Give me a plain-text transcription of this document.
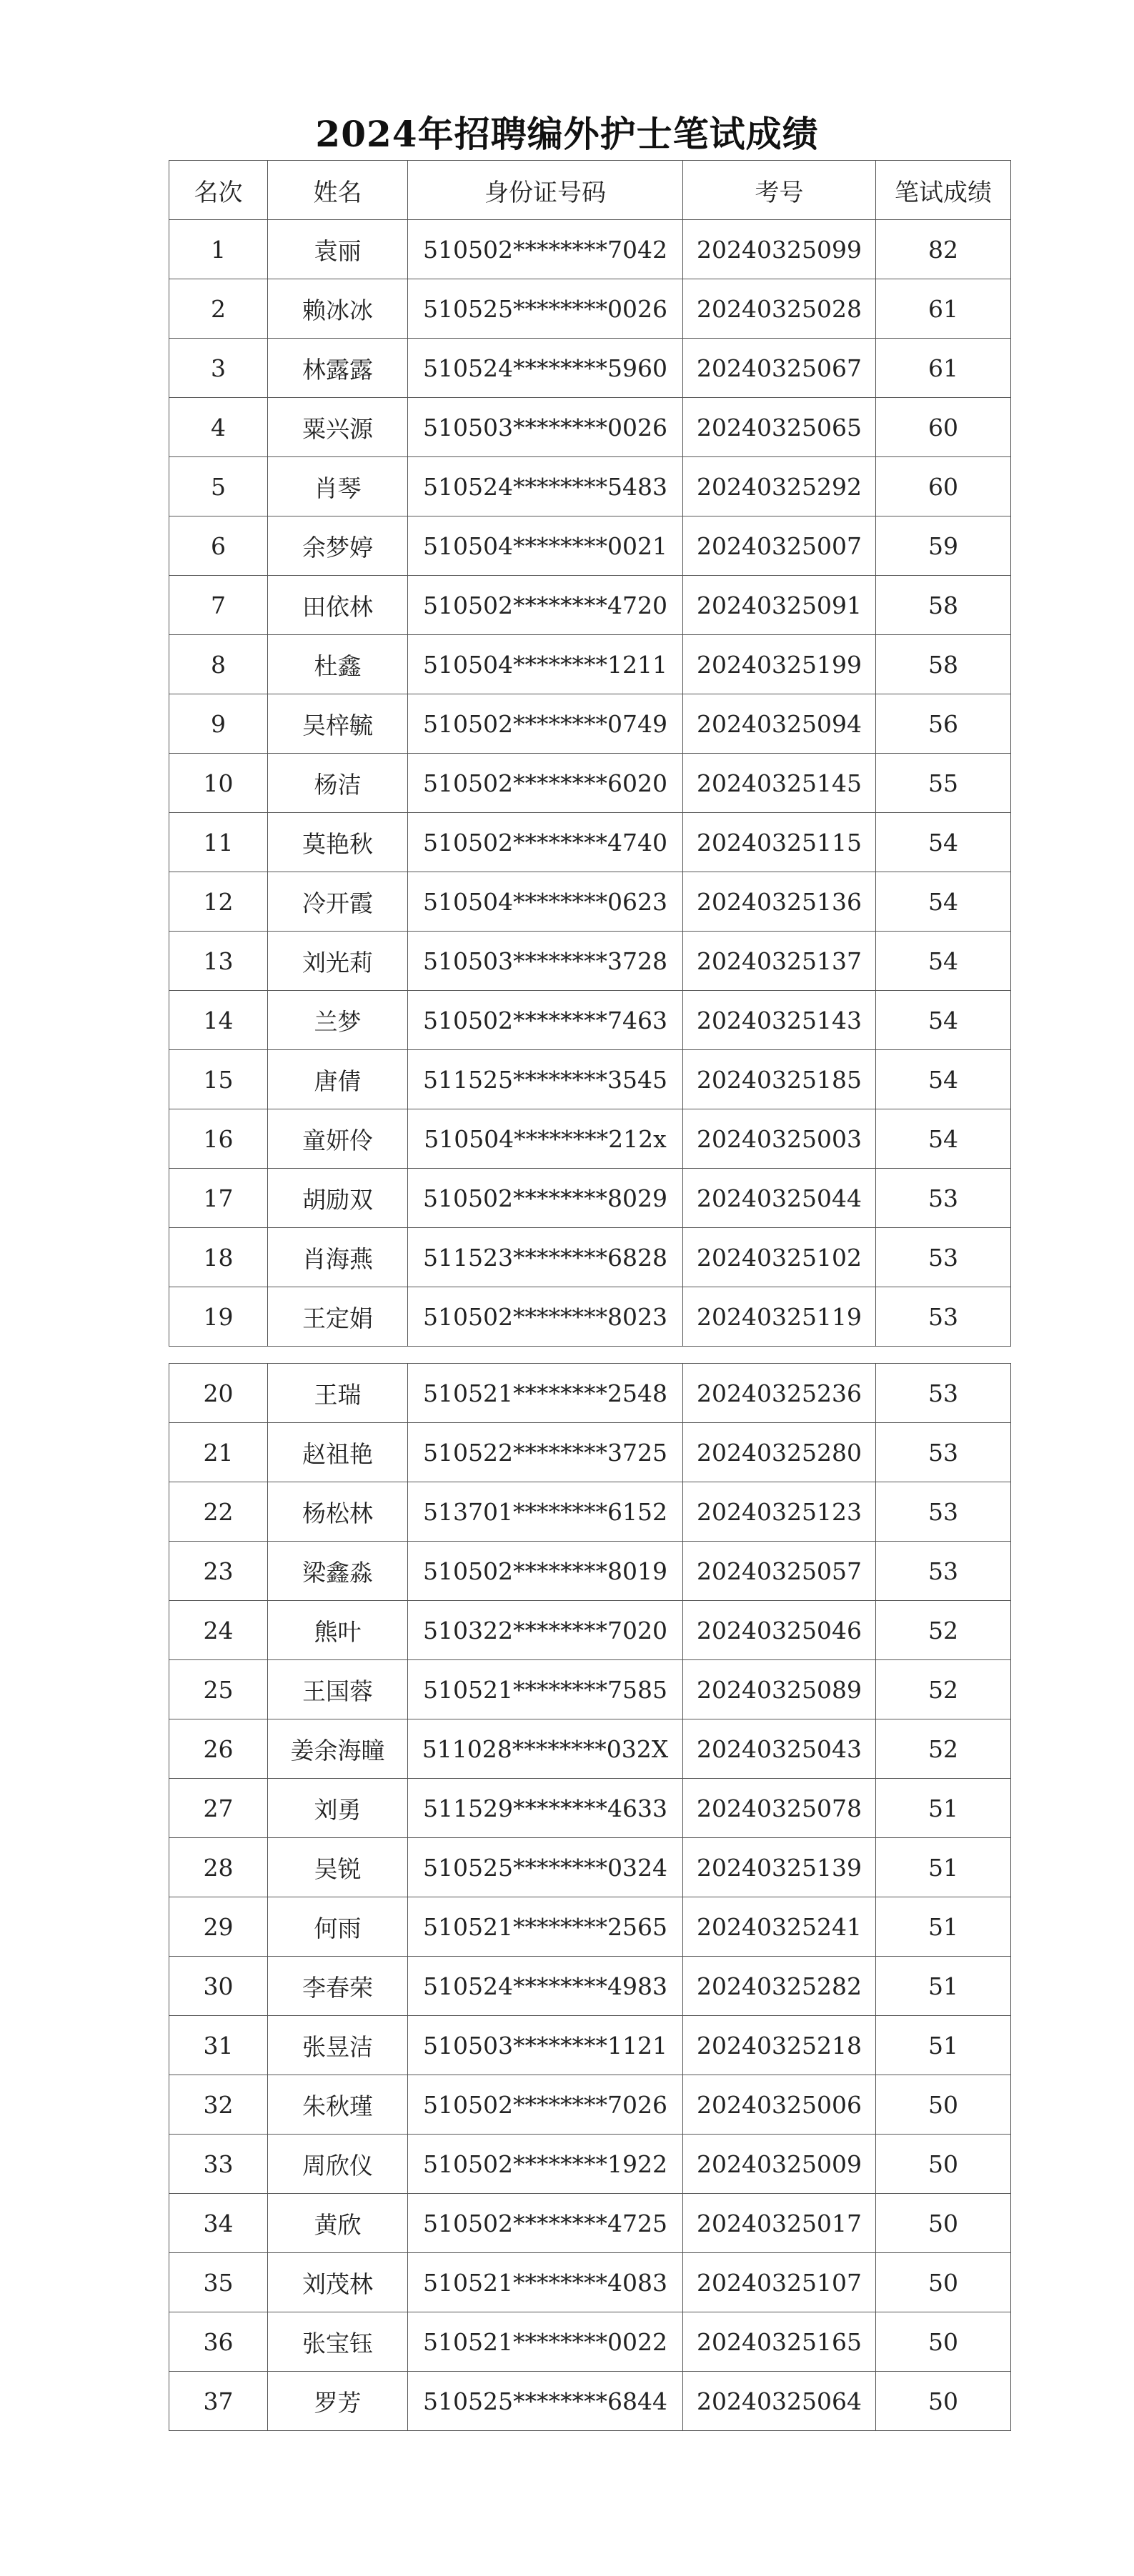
2024年招聘编外护士笔试成绩
名次	姓名	身份证号码	考号	笔试成绩
1	袁丽	510502********7042	20240325099	82
2	赖冰冰	510525********0026	20240325028	61
3	林露露	510524********5960	20240325067	61
4	粟兴源	510503********0026	20240325065	60
5	肖琴	510524********5483	20240325292	60
6	余梦婷	510504********0021	20240325007	59
7	田依林	510502********4720	20240325091	58
8	杜鑫	510504********1211	20240325199	58
9	吴梓毓	510502********0749	20240325094	56
10	杨洁	510502********6020	20240325145	55
11	莫艳秋	510502********4740	20240325115	54
12	冷开霞	510504********0623	20240325136	54
13	刘光莉	510503********3728	20240325137	54
14	兰梦	510502********7463	20240325143	54
15	唐倩	511525********3545	20240325185	54
16	童妍伶	510504********212x	20240325003	54
17	胡励双	510502********8029	20240325044	53
18	肖海燕	511523********6828	20240325102	53
19	王定娟	510502********8023	20240325119	53
20	王瑞	510521********2548	20240325236	53
21	赵祖艳	510522********3725	20240325280	53
22	杨松林	513701********6152	20240325123	53
23	梁鑫淼	510502********8019	20240325057	53
24	熊叶	510322********7020	20240325046	52
25	王国蓉	510521********7585	20240325089	52
26	姜余海瞳	511028********032X	20240325043	52
27	刘勇	511529********4633	20240325078	51
28	吴锐	510525********0324	20240325139	51
29	何雨	510521********2565	20240325241	51
30	李春荣	510524********4983	20240325282	51
31	张昱洁	510503********1121	20240325218	51
32	朱秋瑾	510502********7026	20240325006	50
33	周欣仪	510502********1922	20240325009	50
34	黄欣	510502********4725	20240325017	50
35	刘茂林	510521********4083	20240325107	50
36	张宝钰	510521********0022	20240325165	50
37	罗芳	510525********6844	20240325064	50
